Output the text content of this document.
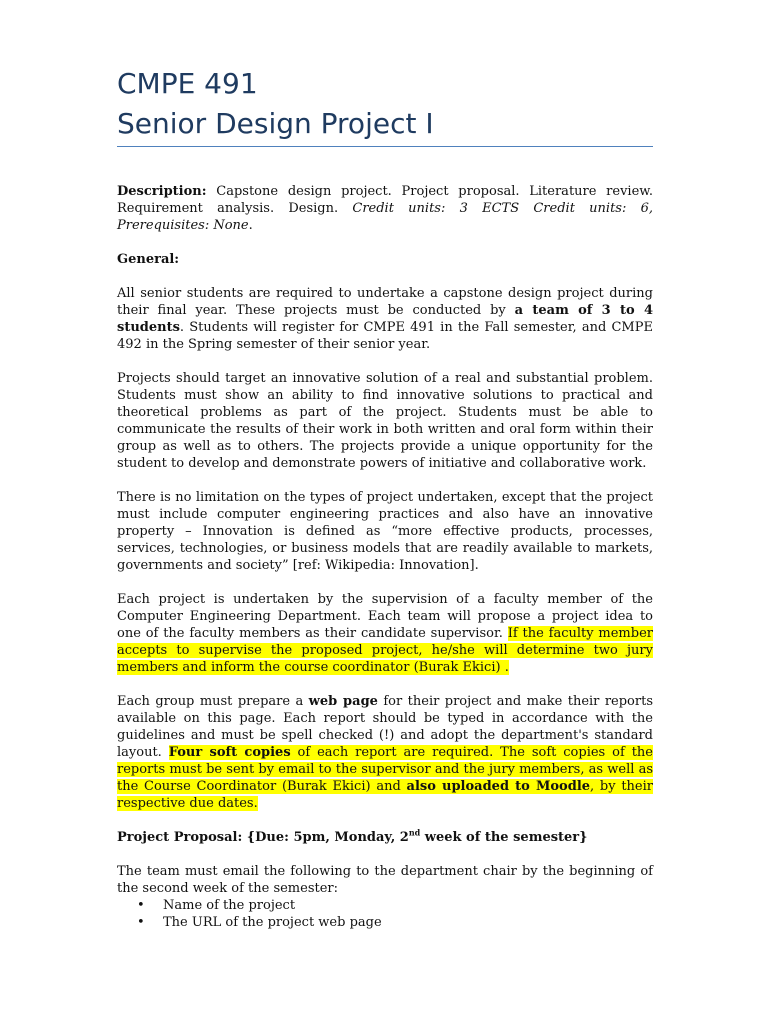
CMPE 491
Senior Design Project I

Description: Capstone design project. Project proposal. Literature review. Requirement analysis. Design. Credit units: 3 ECTS Credit units: 6, Prerequisites: None.

General:

All senior students are required to undertake a capstone design project during their final year. These projects must be conducted by a team of 3 to 4 students. Students will register for CMPE 491 in the Fall semester, and CMPE 492 in the Spring semester of their senior year.

Projects should target an innovative solution of a real and substantial problem. Students must show an ability to find innovative solutions to practical and theoretical problems as part of the project. Students must be able to communicate the results of their work in both written and oral form within their group as well as to others. The projects provide a unique opportunity for the student to develop and demonstrate powers of initiative and collaborative work.

There is no limitation on the types of project undertaken, except that the project must include computer engineering practices and also have an innovative property – Innovation is defined as “more effective products, processes, services, technologies, or business models that are readily available to markets, governments and society” [ref: Wikipedia: Innovation].

Each project is undertaken by the supervision of a faculty member of the Computer Engineering Department. Each team will propose a project idea to one of the faculty members as their candidate supervisor. If the faculty member accepts to supervise the proposed project, he/she will determine two jury members and inform the course coordinator (Burak Ekici) .

Each group must prepare a web page for their project and make their reports available on this page. Each report should be typed in accordance with the guidelines and must be spell checked (!) and adopt the department's standard layout. Four soft copies of each report are required. The soft copies of the reports must be sent by email to the supervisor and the jury members, as well as the Course Coordinator (Burak Ekici) and also uploaded to Moodle, by their respective due dates.

Project Proposal: {Due: 5pm, Monday, 2nd week of the semester}

The team must email the following to the department chair by the beginning of the second week of the semester:

• Name of the project
• The URL of the project web page
